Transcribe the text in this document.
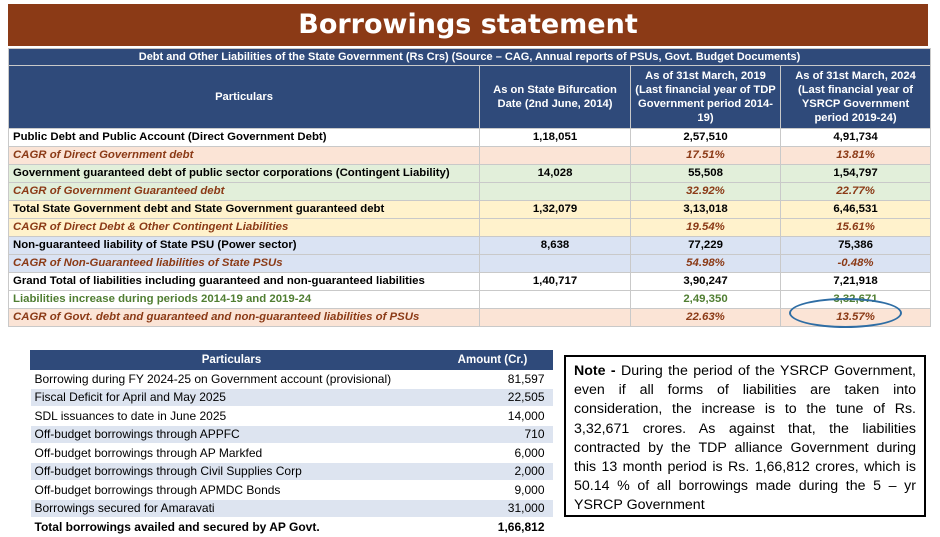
Borrowings statement
Debt and Other Liabilities of the State Government (Rs Crs) (Source – CAG, Annual reports of PSUs, Govt. Budget Documents)			
Particulars	As on State Bifurcation Date (2nd June, 2014)	As of 31st March, 2019 (Last financial year of TDP Government period 2014-19)	As of 31st March, 2024 (Last financial year of YSRCP Government period 2019-24)
Public Debt and Public Account (Direct Government Debt)	1,18,051	2,57,510	4,91,734
CAGR of Direct Government debt		17.51%	13.81%
Government guaranteed debt of public sector corporations (Contingent Liability)	14,028	55,508	1,54,797
CAGR of Government Guaranteed debt		32.92%	22.77%
Total State Government debt and State Government guaranteed debt	1,32,079	3,13,018	6,46,531
CAGR of Direct Debt & Other Contingent Liabilities		19.54%	15.61%
Non-guaranteed liability of State PSU (Power sector)	8,638	77,229	75,386
CAGR of Non-Guaranteed liabilities of State PSUs		54.98%	-0.48%
Grand Total of liabilities including guaranteed and non-guaranteed liabilities	1,40,717	3,90,247	7,21,918
Liabilities increase during periods 2014-19 and 2019-24		2,49,350	3,32,671
CAGR of Govt. debt and guaranteed and non-guaranteed liabilities of PSUs		22.63%	13.57%
Particulars	Amount (Cr.)
Borrowing during FY 2024-25 on Government account (provisional)	81,597
Fiscal Deficit for April and May 2025	22,505
SDL issuances to date in June 2025	14,000
Off-budget borrowings through APPFC	710
Off-budget borrowings through AP Markfed	6,000
Off-budget borrowings through Civil Supplies Corp	2,000
Off-budget borrowings through APMDC Bonds	9,000
Borrowings secured for Amaravati	31,000
Total borrowings availed and secured by AP Govt.	1,66,812
Note - During the period of the YSRCP Government, even if all forms of liabilities are taken into consideration, the increase is to the tune of Rs. 3,32,671 crores. As against that, the liabilities contracted by the TDP alliance Government during this 13 month period is Rs. 1,66,812 crores, which is 50.14 % of all borrowings made during the 5 – yr YSRCP Government
